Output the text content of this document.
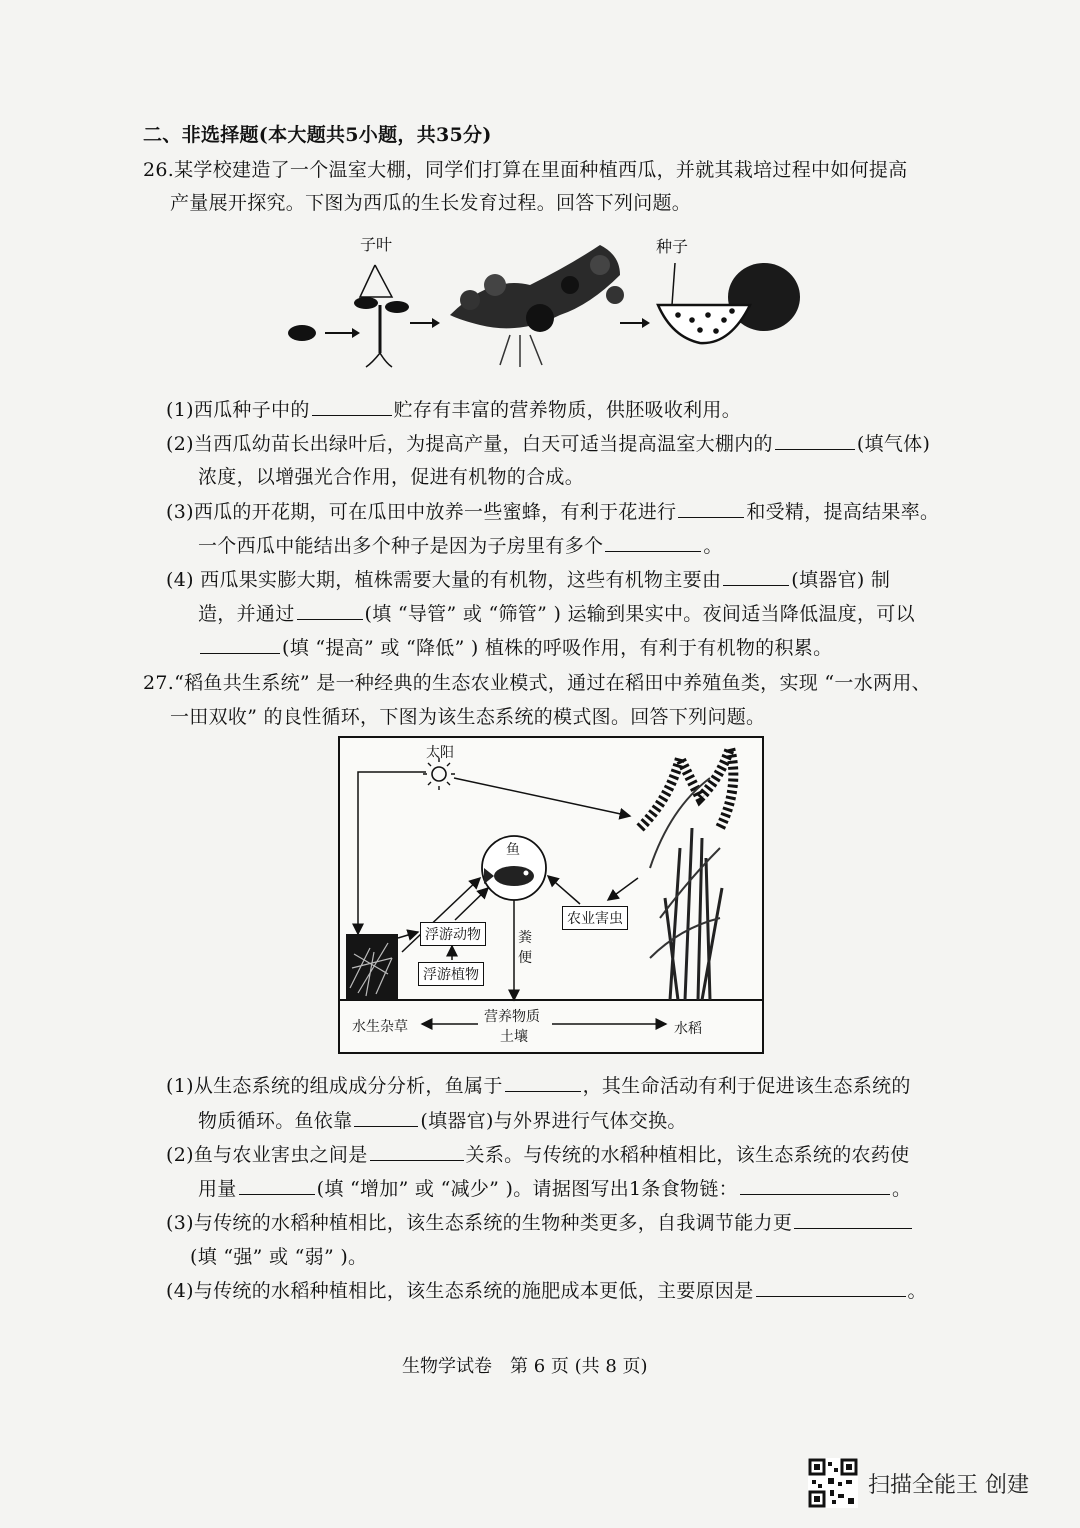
二、非选择题(本大题共5小题，共35分)
26.某学校建造了一个温室大棚，同学们打算在里面种植西瓜，并就其栽培过程中如何提高
产量展开探究。下图为西瓜的生长发育过程。回答下列问题。
子叶	种子
(1)西瓜种子中的	贮存有丰富的营养物质，供胚吸收利用。
(2)当西瓜幼苗长出绿叶后，为提高产量，白天可适当提高温室大棚内的	(填气体)
浓度，以增强光合作用，促进有机物的合成。
(3)西瓜的开花期，可在瓜田中放养一些蜜蜂，有利于花进行	和受精，提高结果率。
一个西瓜中能结出多个种子是因为子房里有多个	。
(4) 西瓜果实膨大期，植株需要大量的有机物，这些有机物主要由	(填器官) 制
造，并通过	(填 “导管” 或 “筛管” ) 运输到果实中。夜间适当降低温度，可以
(填 “提高” 或 “降低” ) 植株的呼吸作用，有利于有机物的积累。
27.“稻鱼共生系统” 是一种经典的生态农业模式，通过在稻田中养殖鱼类，实现 “一水两用、
一田双收” 的良性循环，下图为该生态系统的模式图。回答下列问题。
太阳
鱼
浮游动物
浮游植物
农业害虫
粪便
营养物质
土壤
水生杂草	水稻
(1)从生态系统的组成成分分析，鱼属于	，其生命活动有利于促进该生态系统的
物质循环。鱼依靠	(填器官)与外界进行气体交换。
(2)鱼与农业害虫之间是	关系。与传统的水稻种植相比，该生态系统的农药使
用量	(填 “增加” 或 “减少” )。请据图写出1条食物链：	。
(3)与传统的水稻种植相比，该生态系统的生物种类更多，自我调节能力更
(填 “强” 或 “弱” )。
(4)与传统的水稻种植相比，该生态系统的施肥成本更低，主要原因是	。
生物学试卷　第 6 页 (共 8 页)
扫描全能王 创建
